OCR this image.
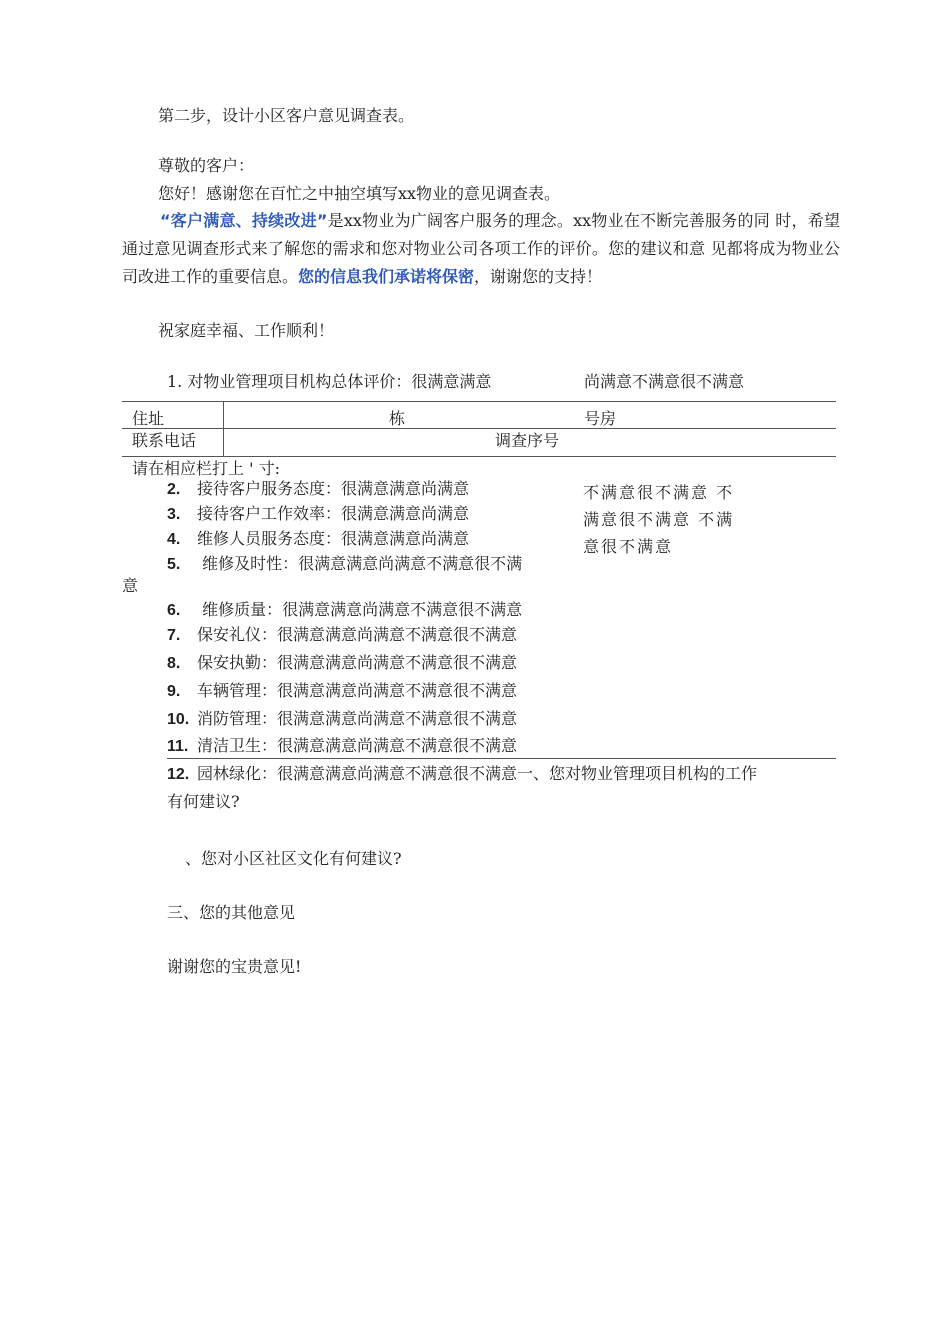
第二步，设计小区客户意见调查表。
尊敬的客户：
您好！感谢您在百忙之中抽空填写xx物业的意见调查表。
“客户满意、持续改进”是xx物业为广阔客户服务的理念。xx物业在不断完善服务的同 时，希望通过意见调查形式来了解您的需求和您对物业公司各项工作的评价。您的建议和意 见都将成为物业公司改进工作的重要信息。您的信息我们承诺将保密，谢谢您的支持！
祝家庭幸福、工作顺利！
1. 对物业管理项目机构总体评价：很满意满意	尚满意不满意很不满意
住址	栋	号房
联系电话	调查序号
请在相应栏打上 ' 寸:
不满意很不满意 不
满意很不满意 不满
意很不满意
2. 接待客户服务态度：很满意满意尚满意
3. 接待客户工作效率：很满意满意尚满意
4. 维修人员服务态度：很满意满意尚满意
5. 维修及时性：很满意满意尚满意不满意很不满
意
6. 维修质量：很满意满意尚满意不满意很不满意
7. 保安礼仪：很满意满意尚满意不满意很不满意
8. 保安执勤：很满意满意尚满意不满意很不满意
9. 车辆管理：很满意满意尚满意不满意很不满意
10. 消防管理：很满意满意尚满意不满意很不满意
11. 清洁卫生：很满意满意尚满意不满意很不满意
12. 园林绿化：很满意满意尚满意不满意很不满意一、您对物业管理项目机构的工作
有何建议?
、您对小区社区文化有何建议?
三、您的其他意见
谢谢您的宝贵意见!
